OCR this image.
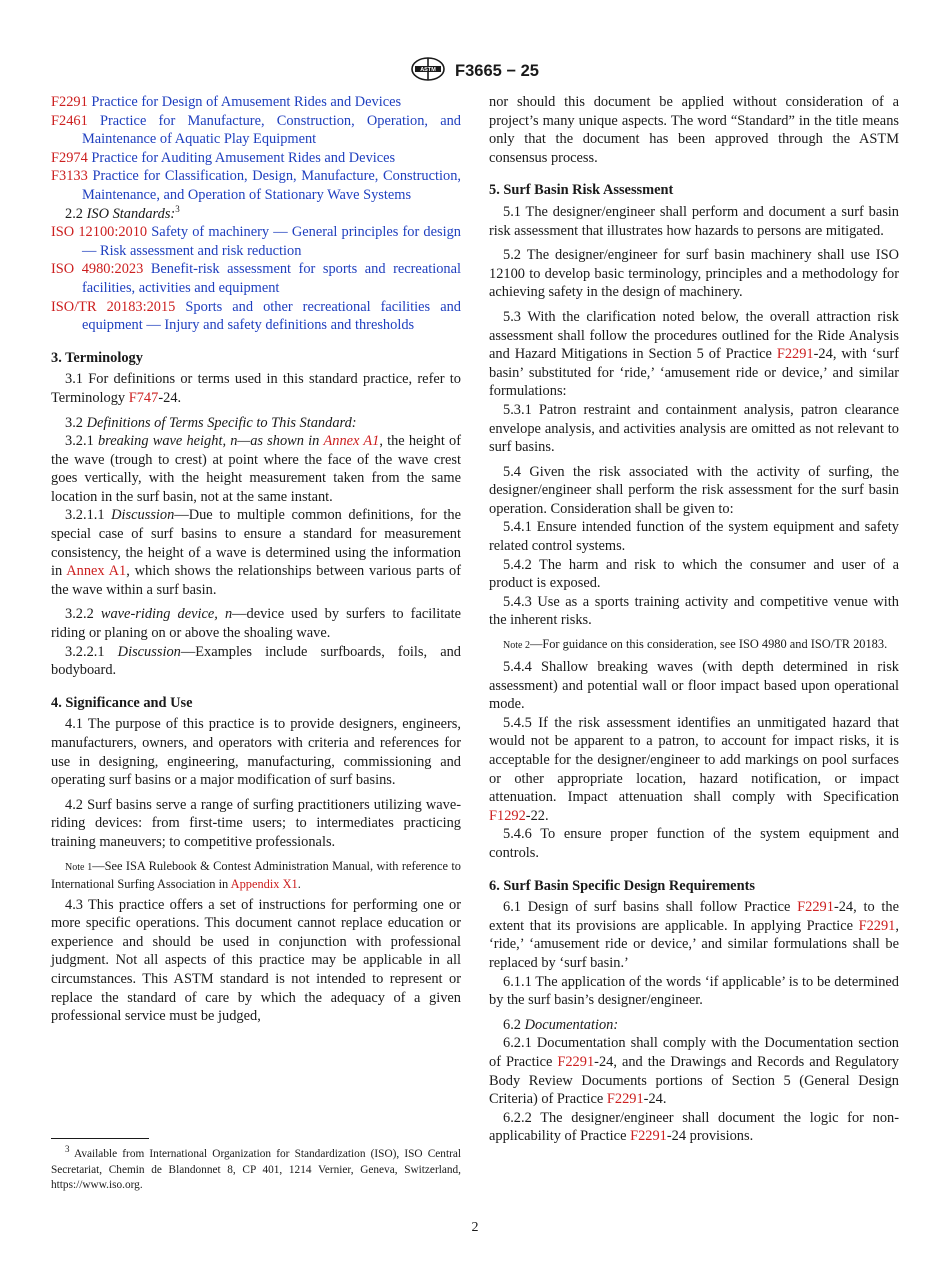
ASTM F3665 − 25

F2291 Practice for Design of Amusement Rides and Devices

F2461 Practice for Manufacture, Construction, Operation, and Maintenance of Aquatic Play Equipment

F2974 Practice for Auditing Amusement Rides and Devices

F3133 Practice for Classification, Design, Manufacture, Construction, Maintenance, and Operation of Stationary Wave Systems

2.2 ISO Standards:$^3$

ISO 12100:2010 Safety of machinery — General principles for design — Risk assessment and risk reduction

ISO 4980:2023 Benefit-risk assessment for sports and recreational facilities, activities and equipment

ISO/TR 20183:2015 Sports and other recreational facilities and equipment — Injury and safety definitions and thresholds

3. Terminology

3.1 For definitions or terms used in this standard practice, refer to Terminology F747-24.

3.2 Definitions of Terms Specific to This Standard:

3.2.1 breaking wave height, n—as shown in Annex A1, the height of the wave (trough to crest) at point where the face of the wave crest goes vertically, with the height measurement taken from the same location in the surf basin, not at the same instant.

3.2.1.1 Discussion—Due to multiple common definitions, for the special case of surf basins to ensure a standard for measurement consistency, the height of a wave is determined using the information in Annex A1, which shows the relationships between various parts of the wave within a surf basin.

3.2.2 wave-riding device, n—device used by surfers to facilitate riding or planing on or above the shoaling wave.

3.2.2.1 Discussion—Examples include surfboards, foils, and bodyboard.

4. Significance and Use

4.1 The purpose of this practice is to provide designers, engineers, manufacturers, owners, and operators with criteria and references for use in designing, engineering, manufacturing, commissioning and operating surf basins or a major modification of surf basins.

4.2 Surf basins serve a range of surfing practitioners utilizing wave-riding devices: from first-time users; to intermediates practicing training maneuvers; to competitive professionals.

Note 1—See ISA Rulebook & Contest Administration Manual, with reference to International Surfing Association in Appendix X1.

4.3 This practice offers a set of instructions for performing one or more specific operations. This document cannot replace education or experience and should be used in conjunction with professional judgment. Not all aspects of this practice may be applicable in all circumstances. This ASTM standard is not intended to represent or replace the standard of care by which the adequacy of a given professional service must be judged,

$^3$ Available from International Organization for Standardization (ISO), ISO Central Secretariat, Chemin de Blandonnet 8, CP 401, 1214 Vernier, Geneva, Switzerland, https://www.iso.org.

nor should this document be applied without consideration of a project’s many unique aspects. The word “Standard” in the title means only that the document has been approved through the ASTM consensus process.

5. Surf Basin Risk Assessment

5.1 The designer/engineer shall perform and document a surf basin risk assessment that illustrates how hazards to persons are mitigated.

5.2 The designer/engineer for surf basin machinery shall use ISO 12100 to develop basic terminology, principles and a methodology for achieving safety in the design of machinery.

5.3 With the clarification noted below, the overall attraction risk assessment shall follow the procedures outlined for the Ride Analysis and Hazard Mitigations in Section 5 of Practice F2291-24, with ‘surf basin’ substituted for ‘ride,’ ‘amusement ride or device,’ and similar formulations:

5.3.1 Patron restraint and containment analysis, patron clearance envelope analysis, and activities analysis are omitted as not relevant to surf basins.

5.4 Given the risk associated with the activity of surfing, the designer/engineer shall perform the risk assessment for the surf basin operation. Consideration shall be given to:

5.4.1 Ensure intended function of the system equipment and safety related control systems.

5.4.2 The harm and risk to which the consumer and user of a product is exposed.

5.4.3 Use as a sports training activity and competitive venue with the inherent risks.

Note 2—For guidance on this consideration, see ISO 4980 and ISO/TR 20183.

5.4.4 Shallow breaking waves (with depth determined in risk assessment) and potential wall or floor impact based upon operational mode.

5.4.5 If the risk assessment identifies an unmitigated hazard that would not be apparent to a patron, to account for impact risks, it is acceptable for the designer/engineer to add markings on pool surfaces or other appropriate location, hazard notification, or impact attenuation. Impact attenuation shall comply with Specification F1292-22.

5.4.6 To ensure proper function of the system equipment and controls.

6. Surf Basin Specific Design Requirements

6.1 Design of surf basins shall follow Practice F2291-24, to the extent that its provisions are applicable. In applying Practice F2291, ‘ride,’ ‘amusement ride or device,’ and similar formulations shall be replaced by ‘surf basin.’

6.1.1 The application of the words ‘if applicable’ is to be determined by the surf basin’s designer/engineer.

6.2 Documentation:

6.2.1 Documentation shall comply with the Documentation section of Practice F2291-24, and the Drawings and Records and Regulatory Body Review Documents portions of Section 5 (General Design Criteria) of Practice F2291-24.

6.2.2 The designer/engineer shall document the logic for non-applicability of Practice F2291-24 provisions.

2
